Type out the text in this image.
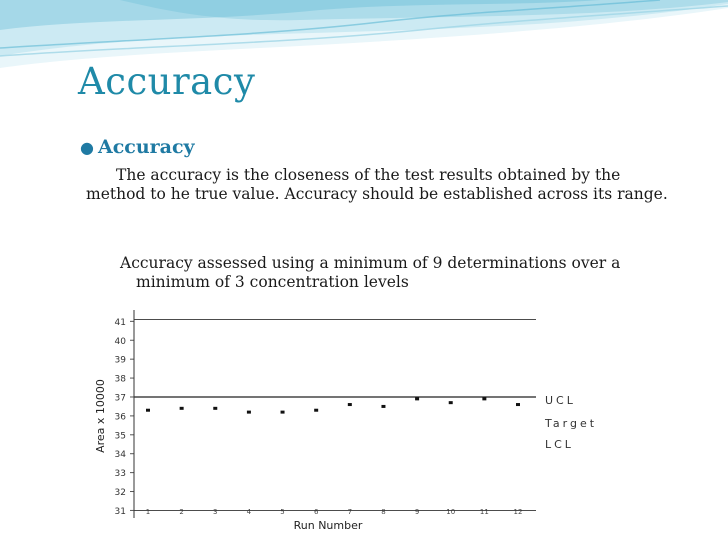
Accuracy
● Accuracy
The accuracy is the closeness of the test results obtained by the
method to he true value. Accuracy should be established across its range.
Accuracy assessed using a minimum of 9 determinations over a
minimum of 3 concentration levels
41
40
39
38
37
36
35
34
33
32
31	1	2	3	4	5	6	7	8	9	10	11	12
UCL
Target
LCL
Area x 10000
Run Number
